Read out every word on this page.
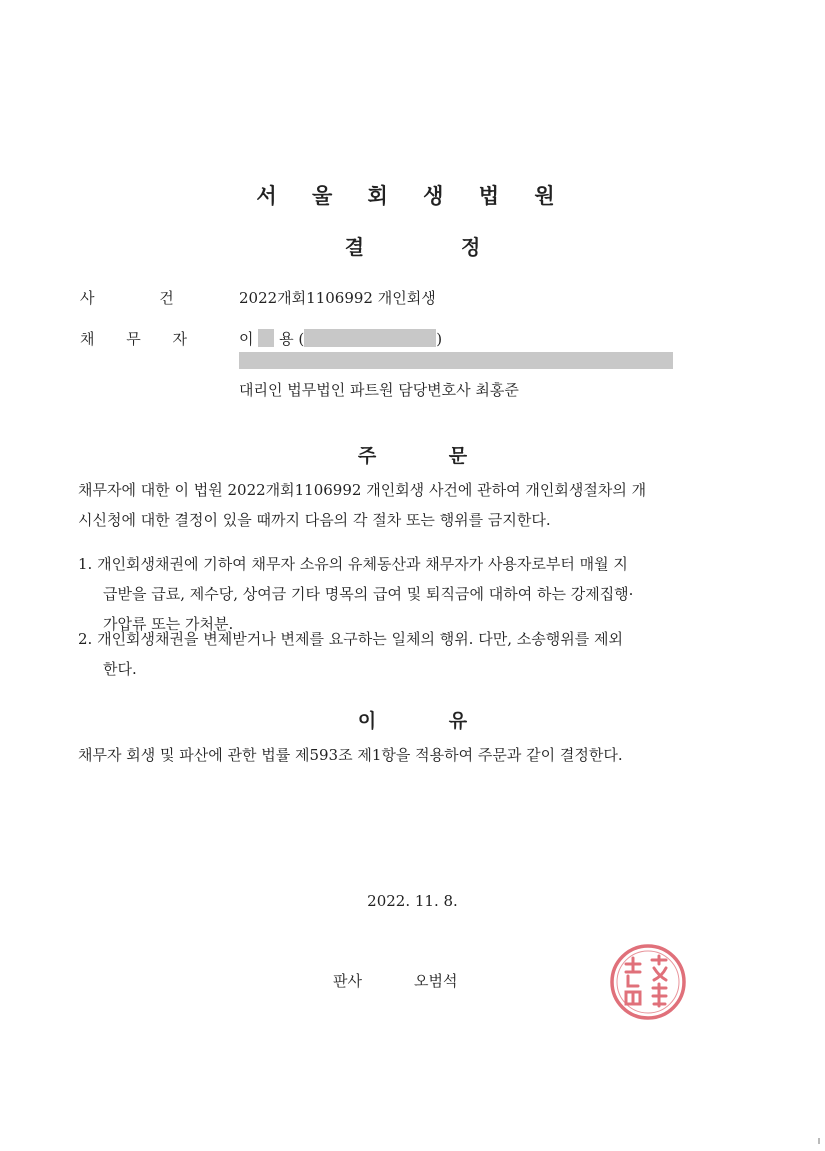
서 울 회 생 법 원
결 정
사 건	2022개회1106992 개인회생
채 무 자	이 용 (	)
대리인 법무법인 파트원 담당변호사 최홍준
주 문
채무자에 대한 이 법원 2022개회1106992 개인회생 사건에 관하여 개인회생절차의 개
시신청에 대한 결정이 있을 때까지 다음의 각 절차 또는 행위를 금지한다.
1. 개인회생채권에 기하여 채무자 소유의 유체동산과 채무자가 사용자로부터 매월 지
급받을 급료, 제수당, 상여금 기타 명목의 급여 및 퇴직금에 대하여 하는 강제집행·
가압류 또는 가처분.
2. 개인회생채권을 변제받거나 변제를 요구하는 일체의 행위. 다만, 소송행위를 제외
한다.
이 유
채무자 회생 및 파산에 관한 법률 제593조 제1항을 적용하여 주문과 같이 결정한다.
2022. 11. 8.
판사	오범석
